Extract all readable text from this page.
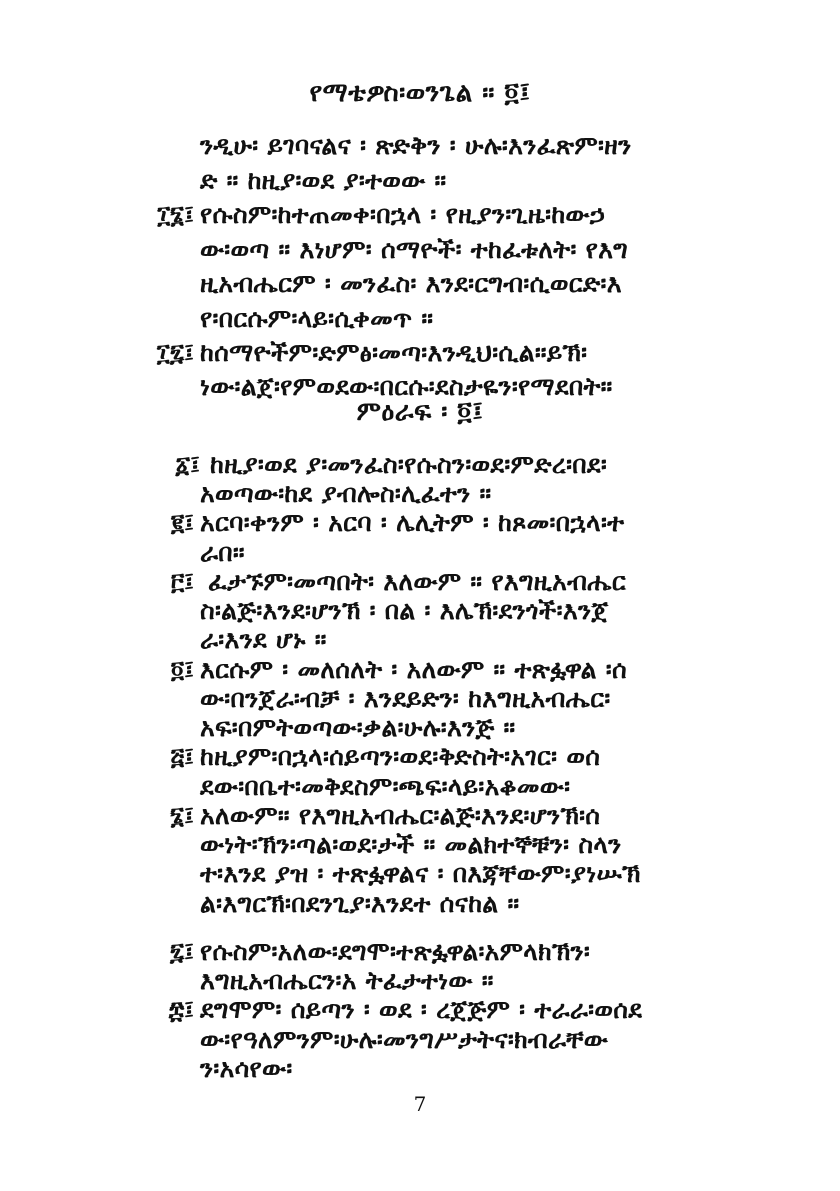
የማቴዎስ፡ወንጌል ። ፬፤
ንዲሁ፡ ይገባናልና ፡ ጽድቅን ፡ ሁሉ፡እንፈጽም፡ዘን
ድ ። ከዚያ፡ወደ ያ፡ተወው ።
፲፮፤ የሱስም፡ከተጠመቀ፡በኋላ ፡ የዚያን፡ጊዜ፡ከውኃ
ው፡ወጣ ። እነሆም፡ ሰማዮች፡ ተከፈቱለት፡ የእግ
ዚአብሔርም ፡ መንፈስ፡ እንደ፡ርግብ፡ሲወርድ፡እ
የ፡በርሱም፡ላይ፡ሲቀመጥ ።
፲፯፤ ከሰማዮችም፡ድምፅ፡መጣ፡እንዲህ፡ሲል።ይኽ፡
ነው፡ልጀ፡የምወደው፡በርሱ፡ደስታዬን፡የማደበት።
ምዕራፍ ፡ ፬፤
፩፤ ከዚያ፡ወደ ያ፡መንፈስ፡የሱስን፡ወደ፡ምድረ፡በደ፡
አወጣው፡ከደ ያብሎስ፡ሊፈተን ።
፪፤ አርባ፡ቀንም ፡ አርባ ፡ ሌሊትም ፡ ከጾመ፡በኋላ፡ተ
ራበ።
፫፤ ፈታኙም፡መጣበት፡ እለውም ። የእግዚአብሔር
ስ፡ልጅ፡እንደ፡ሆንኽ ፡ በል ፡ እሌኽ፡ደንጎች፡እንጀ
ራ፡እንደ ሆኑ ።
፬፤ እርሱም ፡ መለሰለት ፡ አለውም ። ተጽፏዋል ፡ሰ
ው፡በንጀራ፡ብቻ ፡ እንደይድን፡ ከእግዚአብሔር፡
አፍ፡በምትወጣው፡ቃል፡ሁሉ፡እንጅ ።
፭፤ ከዚያም፡በኋላ፡ሰይጣን፡ወደ፡ቅድስት፡አገር፡ ወሰ
ደው፡በቤተ፡መቅደስም፡ጫፍ፡ላይ፡አቆመው፡
፮፤ አለውም። የእግዚአብሔር፡ልጅ፡እንደ፡ሆንኽ፡ሰ
ውነት፡ኽን፡ጣል፡ወደ፡ታች ። መልክተኞቹን፡ ስላን
ተ፡እንደ ያዝ ፡ ተጽፏዋልና ፡ በእጃቸውም፡ያነሡኽ
ል፡እግርኽ፡በደንጊያ፡እንደተ ሰናከል ።
፯፤ የሱስም፡አለው፡ደግሞ፡ተጽፏዋል፡አምላክኽን፡
እግዚአብሔርን፡አ ትፈታተነው ።
፰፤ ደግሞም፡ ሰይጣን ፡ ወደ ፡ ረጀጅም ፡ ተራራ፡ወሰደ
ው፡የዓለምንም፡ሁሉ፡መንግሥታትና፡ክብራቸው
ን፡አሳየው፡
7
